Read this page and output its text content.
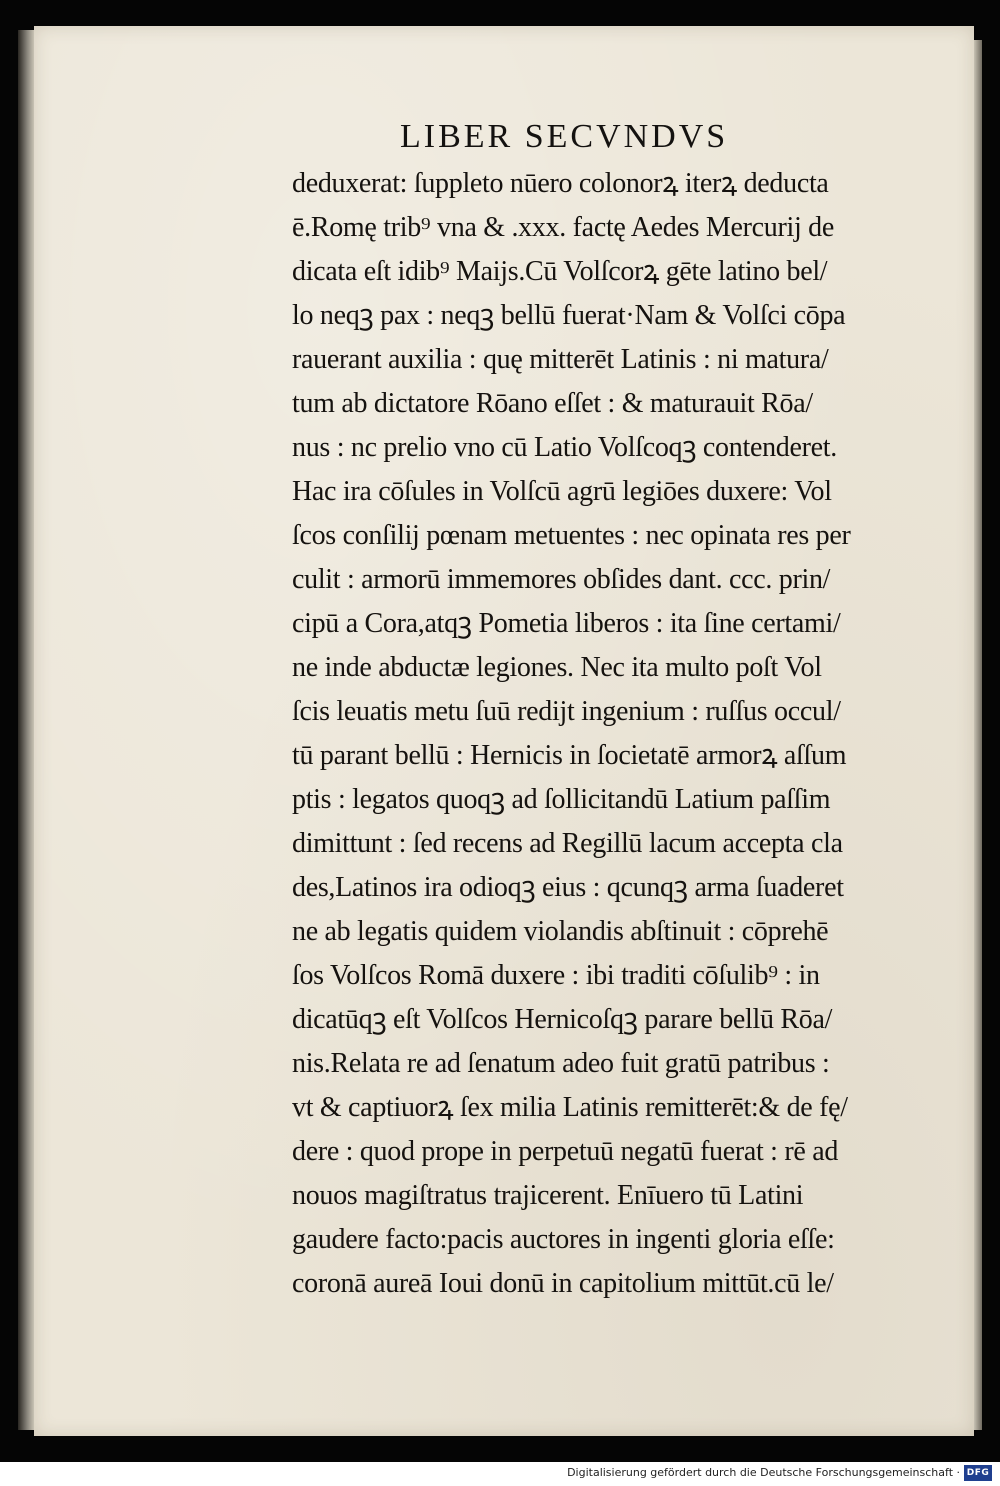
LIBER SECVNDVS
deduxerat: ſuppleto nūero colonorꝝ iterꝝ deducta
ē.Romę trib⁹ vna & .xxx. factę Aedes Mercurij de
dicata eſt idib⁹ Maijs.Cū Volſcorꝝ gēte latino bel/
lo neqꝫ pax : neqꝫ bellū fuerat·Nam & Volſci cōpa
rauerant auxilia : quę mitterēt Latinis : ni matura/
tum ab dictatore Rōano eſſet : & maturauit Rōa/
nus : nc prelio vno cū Latio Volſcoqꝫ contenderet.
Hac ira cōſules in Volſcū agrū legiōes duxere: Vol
ſcos conſilij pœnam metuentes : nec opinata res per
culit : armorū immemores obſides dant. ccc. prin/
cipū a Cora,atqꝫ Pometia liberos : ita ſine certami/
ne inde abductæ legiones. Nec ita multo poſt Vol
ſcis leuatis metu ſuū redijt ingenium : ruſſus occul/
tū parant bellū : Hernicis in ſocietatē armorꝝ aſſum
ptis : legatos quoqꝫ ad ſollicitandū Latium paſſim
dimittunt : ſed recens ad Regillū lacum accepta cla
des,Latinos ira odioqꝫ eius : qcunqꝫ arma ſuaderet
ne ab legatis quidem violandis abſtinuit : cōprehē
ſos Volſcos Romā duxere : ibi traditi cōſulib⁹ : in
dicatūqꝫ eſt Volſcos Hernicoſqꝫ parare bellū Rōa/
nis.Relata re ad ſenatum adeo fuit gratū patribus :
vt & captiuorꝝ ſex milia Latinis remitterēt:& de fę/
dere : quod prope in perpetuū negatū fuerat : rē ad
nouos magiſtratus trajicerent. Enīuero tū Latini
gaudere facto:pacis auctores in ingenti gloria eſſe:
coronā aureā Ioui donū in capitolium mittūt.cū le/
Digitalisierung gefördert durch die Deutsche Forschungsgemeinschaft · DFG
